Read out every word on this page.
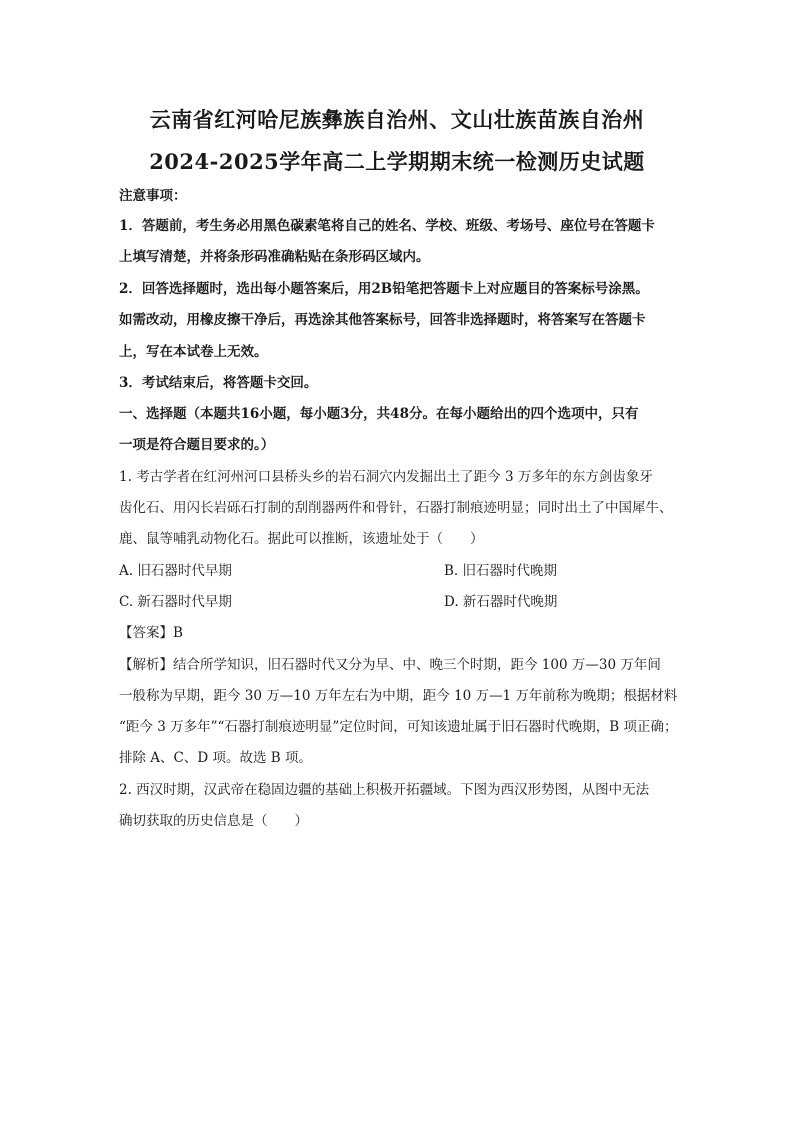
云南省红河哈尼族彝族自治州、文山壮族苗族自治州
2024-2025学年高二上学期期末统一检测历史试题
注意事项：
1．答题前，考生务必用黑色碳素笔将自己的姓名、学校、班级、考场号、座位号在答题卡
上填写清楚，并将条形码准确粘贴在条形码区域内。
2．回答选择题时，选出每小题答案后，用2B铅笔把答题卡上对应题目的答案标号涂黑。
如需改动，用橡皮擦干净后，再选涂其他答案标号，回答非选择题时，将答案写在答题卡
上，写在本试卷上无效。
3．考试结束后，将答题卡交回。
一、选择题（本题共16小题，每小题3分，共48分。在每小题给出的四个选项中，只有
一项是符合题目要求的。）
1. 考古学者在红河州河口县桥头乡的岩石洞穴内发掘出土了距今 3 万多年的东方剑齿象牙
齿化石、用闪长岩砾石打制的刮削器两件和骨针，石器打制痕迹明显；同时出土了中国犀牛、
鹿、鼠等哺乳动物化石。据此可以推断，该遗址处于（　　）
A. 旧石器时代早期	B. 旧石器时代晚期
C. 新石器时代早期	D. 新石器时代晚期
【答案】B
【解析】结合所学知识，旧石器时代又分为早、中、晚三个时期，距今 100 万—30 万年间
一般称为早期，距今 30 万—10 万年左右为中期，距今 10 万—1 万年前称为晚期；根据材料
“距今 3 万多年”“石器打制痕迹明显”定位时间，可知该遗址属于旧石器时代晚期，B 项正确；
排除 A、C、D 项。故选 B 项。
2. 西汉时期，汉武帝在稳固边疆的基础上积极开拓疆域。下图为西汉形势图，从图中无法
确切获取的历史信息是（　　）
